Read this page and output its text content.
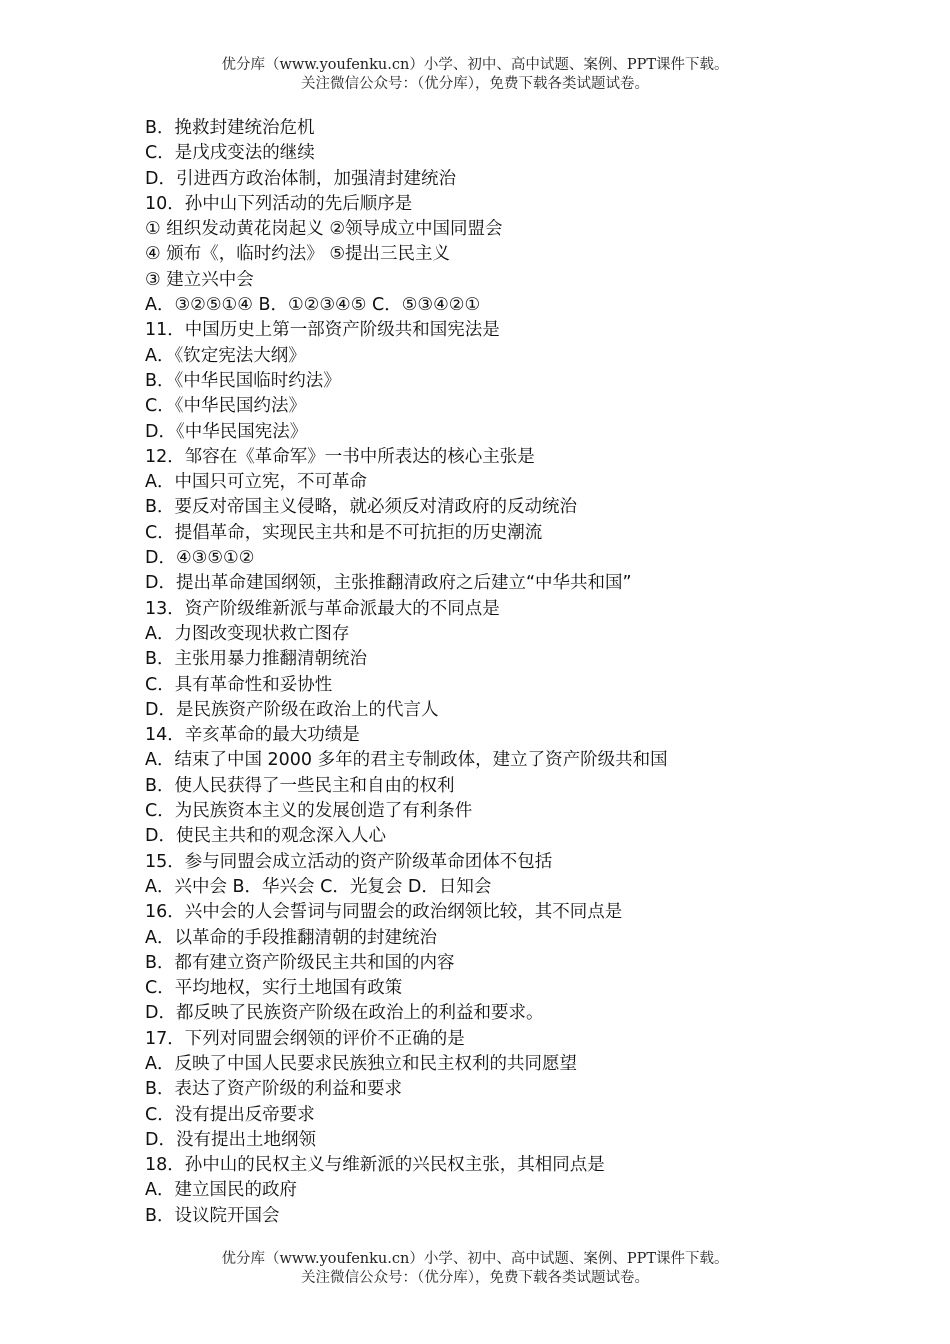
优分库（www.youfenku.cn）小学、初中、高中试题、案例、PPT课件下载。
关注微信公众号：（优分库），免费下载各类试题试卷。
B．挽救封建统治危机
C．是戊戌变法的继续
D．引进西方政治体制，加强清封建统治
10．孙中山下列活动的先后顺序是
① 组织发动黄花岗起义 ②领导成立中国同盟会
④ 颁布《，临时约法》 ⑤提出三民主义
③ 建立兴中会
A．③②⑤①④ B．①②③④⑤ C．⑤③④②①
11．中国历史上第一部资产阶级共和国宪法是
A．《钦定宪法大纲》
B．《中华民国临时约法》
C．《中华民国约法》
D．《中华民国宪法》
12．邹容在《革命军》一书中所表达的核心主张是
A．中国只可立宪，不可革命
B．要反对帝国主义侵略，就必须反对清政府的反动统治
C．提倡革命，实现民主共和是不可抗拒的历史潮流
D．④③⑤①②
D．提出革命建国纲领，主张推翻清政府之后建立“中华共和国”
13．资产阶级维新派与革命派最大的不同点是
A．力图改变现状救亡图存
B．主张用暴力推翻清朝统治
C．具有革命性和妥协性
D．是民族资产阶级在政治上的代言人
14．辛亥革命的最大功绩是
A．结束了中国 2000 多年的君主专制政体，建立了资产阶级共和国
B．使人民获得了一些民主和自由的权利
C．为民族资本主义的发展创造了有利条件
D．使民主共和的观念深入人心
15．参与同盟会成立活动的资产阶级革命团体不包括
A．兴中会 B．华兴会 C．光复会 D．日知会
16．兴中会的人会誓词与同盟会的政治纲领比较，其不同点是
A．以革命的手段推翻清朝的封建统治
B．都有建立资产阶级民主共和国的内容
C．平均地权，实行土地国有政策
D．都反映了民族资产阶级在政治上的利益和要求。
17．下列对同盟会纲领的评价不正确的是
A．反映了中国人民要求民族独立和民主权利的共同愿望
B．表达了资产阶级的利益和要求
C．没有提出反帝要求
D．没有提出土地纲领
18．孙中山的民权主义与维新派的兴民权主张，其相同点是
A．建立国民的政府
B．设议院开国会
优分库（www.youfenku.cn）小学、初中、高中试题、案例、PPT课件下载。
关注微信公众号：（优分库），免费下载各类试题试卷。
